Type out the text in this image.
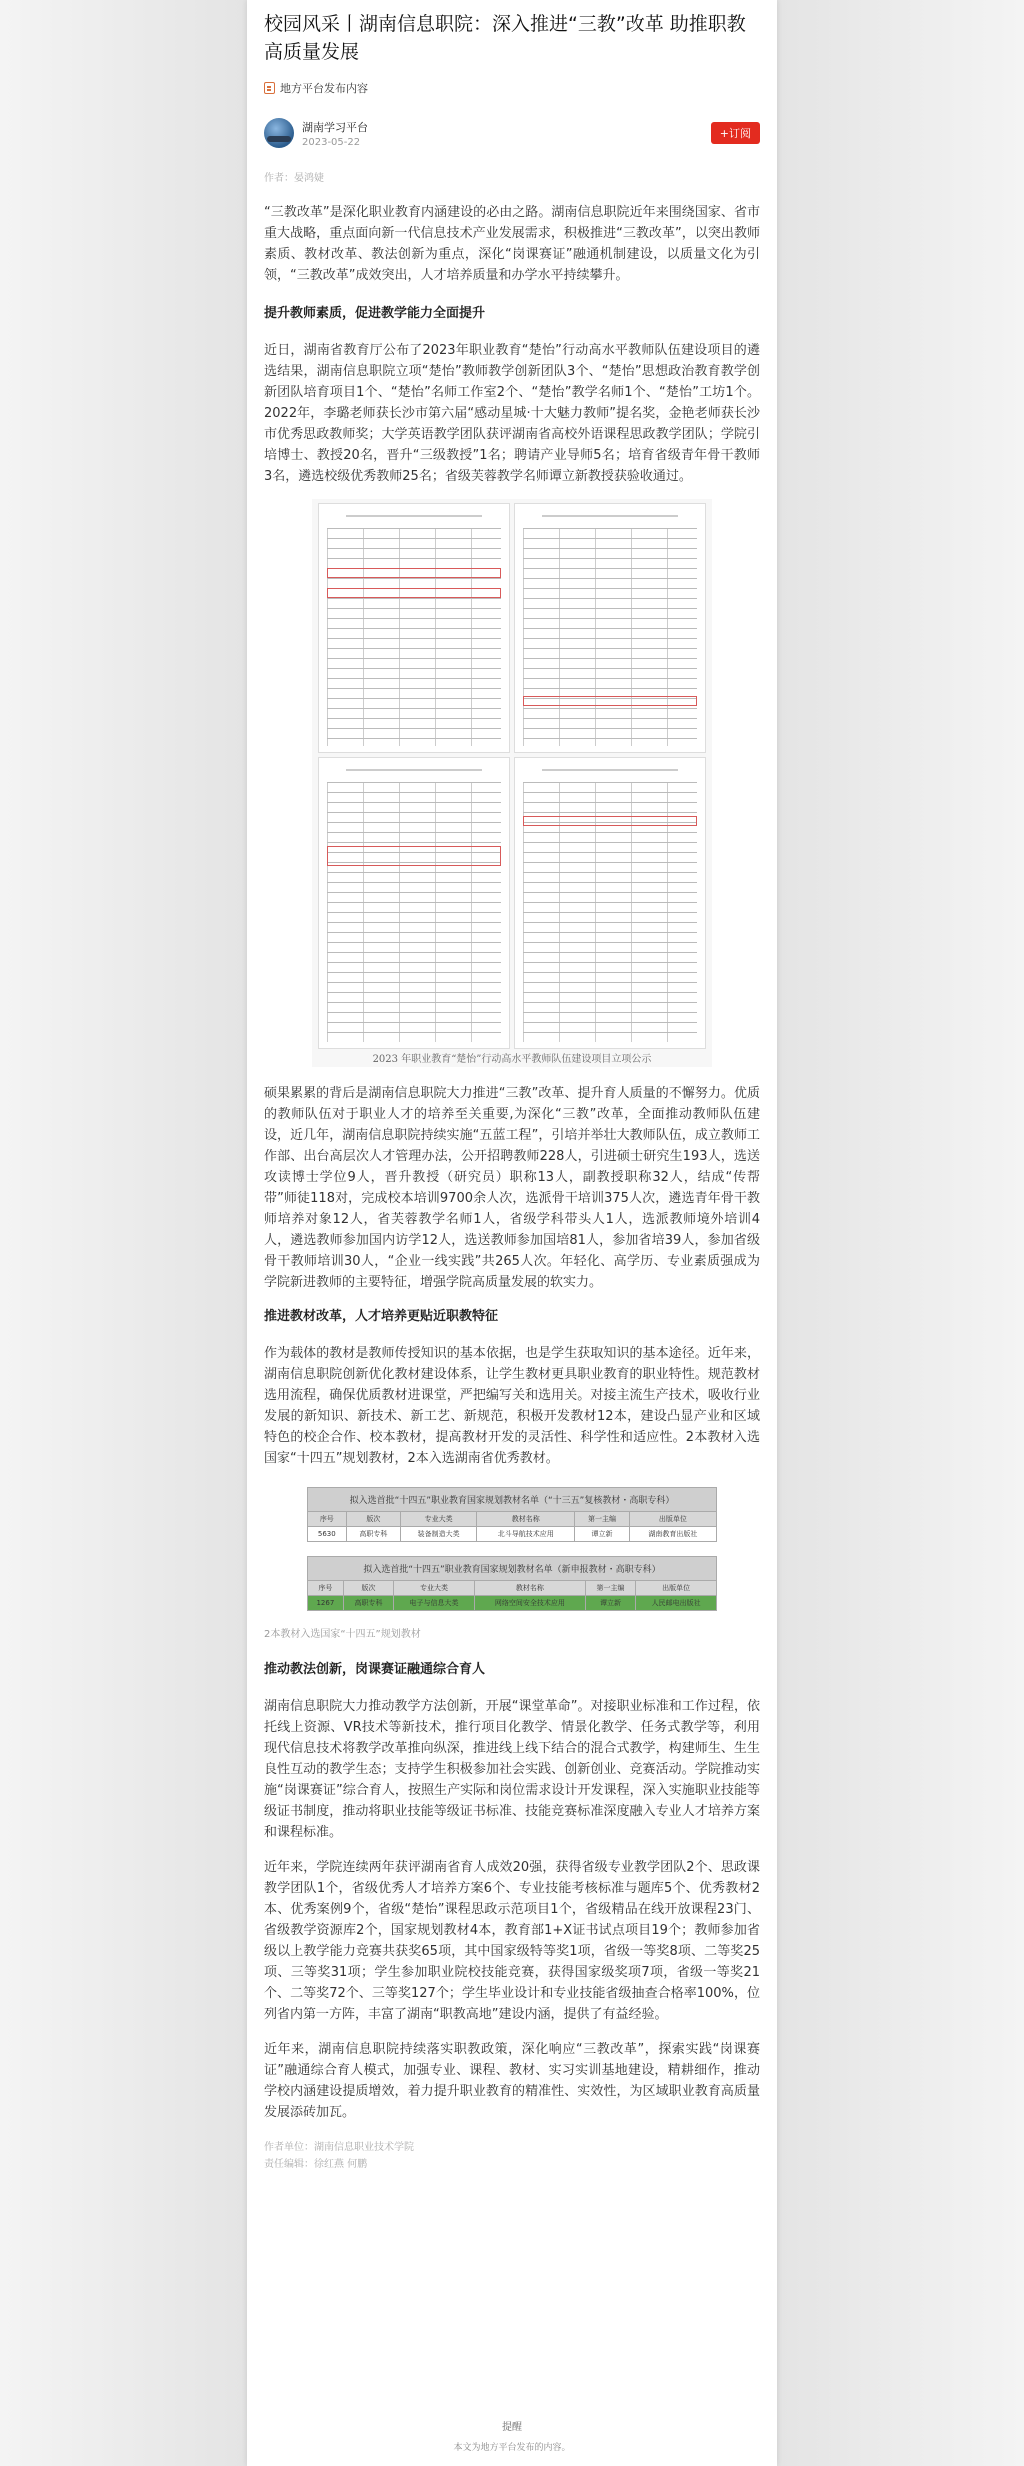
校园风采丨湖南信息职院：深入推进“三教”改革 助推职教高质量发展
地方平台发布内容
湖南学习平台
2023-05-22
+订阅
作者：晏鸿婕

“三教改革”是深化职业教育内涵建设的必由之路。湖南信息职院近年来围绕国家、省市重大战略，重点面向新一代信息技术产业发展需求，积极推进“三教改革”，以突出教师素质、教材改革、教法创新为重点，深化“岗课赛证”融通机制建设，以质量文化为引领，“三教改革”成效突出，人才培养质量和办学水平持续攀升。

提升教师素质，促进教学能力全面提升

近日，湖南省教育厅公布了2023年职业教育“楚怡”行动高水平教师队伍建设项目的遴选结果，湖南信息职院立项“楚怡”教师教学创新团队3个、“楚怡”思想政治教育教学创新团队培育项目1个、“楚怡”名师工作室2个、“楚怡”教学名师1个、“楚怡”工坊1个。2022年，李璐老师获长沙市第六届“感动星城·十大魅力教师”提名奖，金艳老师获长沙市优秀思政教师奖；大学英语教学团队获评湖南省高校外语课程思政教学团队；学院引培博士、教授20名，晋升“三级教授”1名；聘请产业导师5名；培育省级青年骨干教师3名，遴选校级优秀教师25名；省级芙蓉教学名师谭立新教授获验收通过。

2023 年职业教育“楚怡”行动高水平教师队伍建设项目立项公示

硕果累累的背后是湖南信息职院大力推进“三教”改革、提升育人质量的不懈努力。优质的教师队伍对于职业人才的培养至关重要,为深化“三教”改革，全面推动教师队伍建设，近几年，湖南信息职院持续实施“五蓝工程”，引培并举壮大教师队伍，成立教师工作部、出台高层次人才管理办法，公开招聘教师228人，引进硕士研究生193人，选送攻读博士学位9人，晋升教授（研究员）职称13人，副教授职称32人，结成“传帮带”师徒118对，完成校本培训9700余人次，选派骨干培训375人次，遴选青年骨干教师培养对象12人，省芙蓉教学名师1人，省级学科带头人1人，选派教师境外培训4人，遴选教师参加国内访学12人，选送教师参加国培81人，参加省培39人，参加省级骨干教师培训30人，“企业一线实践”共265人次。年轻化、高学历、专业素质强成为学院新进教师的主要特征，增强学院高质量发展的软实力。

推进教材改革，人才培养更贴近职教特征

作为载体的教材是教师传授知识的基本依据，也是学生获取知识的基本途径。近年来，湖南信息职院创新优化教材建设体系，让学生教材更具职业教育的职业特性。规范教材选用流程，确保优质教材进课堂，严把编写关和选用关。对接主流生产技术，吸收行业发展的新知识、新技术、新工艺、新规范，积极开发教材12本，建设凸显产业和区域特色的校企合作、校本教材，提高教材开发的灵活性、科学性和适应性。2本教材入选国家“十四五”规划教材，2本入选湖南省优秀教材。

拟入选首批“十四五”职业教育国家规划教材名单（“十三五”复核教材・高职专科）					
序号	版次	专业大类	教材名称	第一主编	出版单位
5630	高职专科	装备制造大类	北斗导航技术应用	谭立新	湖南教育出版社
拟入选首批“十四五”职业教育国家规划教材名单（新申报教材・高职专科）					
序号	版次	专业大类	教材名称	第一主编	出版单位
1267	高职专科	电子与信息大类	网络空间安全技术应用	谭立新	人民邮电出版社
2本教材入选国家“十四五”规划教材
推动教法创新，岗课赛证融通综合育人

湖南信息职院大力推动教学方法创新，开展“课堂革命”。对接职业标准和工作过程，依托线上资源、VR技术等新技术，推行项目化教学、情景化教学、任务式教学等，利用现代信息技术将教学改革推向纵深，推进线上线下结合的混合式教学，构建师生、生生良性互动的教学生态；支持学生积极参加社会实践、创新创业、竞赛活动。学院推动实施“岗课赛证”综合育人，按照生产实际和岗位需求设计开发课程，深入实施职业技能等级证书制度，推动将职业技能等级证书标准、技能竞赛标准深度融入专业人才培养方案和课程标准。

近年来，学院连续两年获评湖南省育人成效20强，获得省级专业教学团队2个、思政课教学团队1个，省级优秀人才培养方案6个、专业技能考核标准与题库5个、优秀教材2本、优秀案例9个，省级“楚怡”课程思政示范项目1个，省级精品在线开放课程23门、省级教学资源库2个，国家规划教材4本，教育部1+X证书试点项目19个；教师参加省级以上教学能力竞赛共获奖65项，其中国家级特等奖1项，省级一等奖8项、二等奖25项、三等奖31项；学生参加职业院校技能竞赛，获得国家级奖项7项，省级一等奖21个、二等奖72个、三等奖127个；学生毕业设计和专业技能省级抽查合格率100%，位列省内第一方阵，丰富了湖南“职教高地”建设内涵，提供了有益经验。

近年来，湖南信息职院持续落实职教政策，深化响应“三教改革”，探索实践“岗课赛证”融通综合育人模式，加强专业、课程、教材、实习实训基地建设，精耕细作，推动学校内涵建设提质增效，着力提升职业教育的精准性、实效性，为区域职业教育高质量发展添砖加瓦。

作者单位：湖南信息职业技术学院
责任编辑：徐红燕 何鹏
提醒
本文为地方平台发布的内容。
